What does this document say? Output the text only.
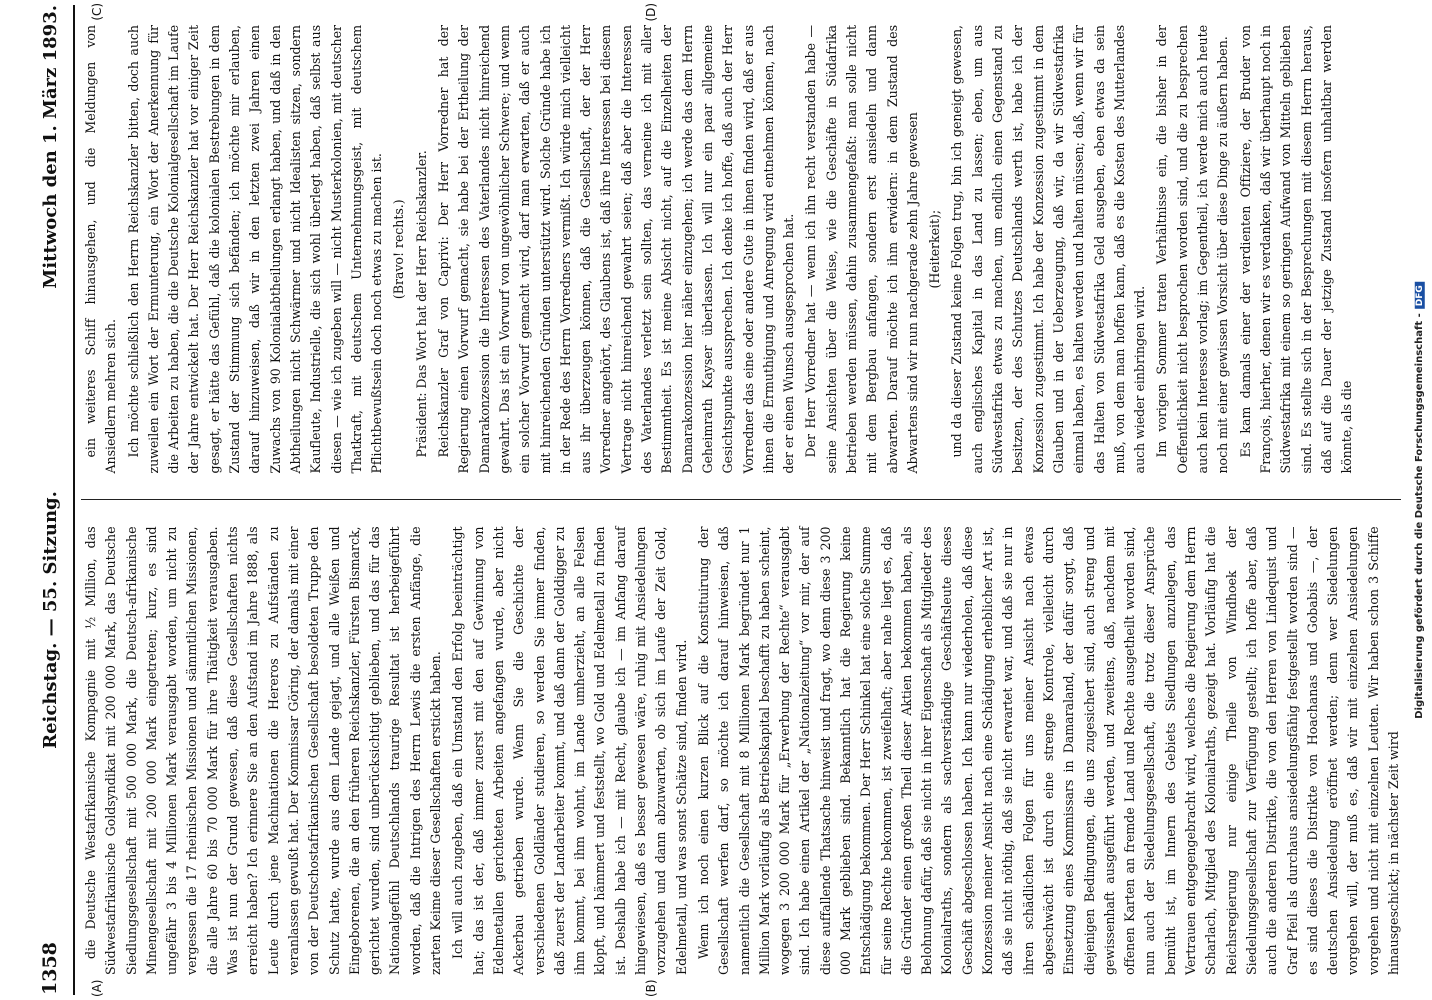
1358
Reichstag. — 55. Sitzung.
Mittwoch den 1. März 1893.
(A)	(B)

die Deutsche Westafrikanische Kompagnie mit ½ Million, das Südwestafrikanische Goldsyndikat mit 200 000 Mark, das Deutsche Siedlungsgesellschaft mit 500 000 Mark, die Deutsch-afrikanische Minengesellschaft mit 200 000 Mark eingetreten; kurz, es sind ungefähr 3 bis 4 Millionen Mark verausgabt worden, um nicht zu vergessen die 17 rheinischen Missionen und sämmtlichen Missionen, die alle Jahre 60 bis 70 000 Mark für ihre Thätigkeit verausgaben. Was ist nun der Grund gewesen, daß diese Gesellschaften nichts erreicht haben? Ich erinnere Sie an den Aufstand im Jahre 1888, als Leute durch jene Machinationen die Hereros zu Aufständen zu veranlassen gewußt hat. Der Kommissar Göring, der damals mit einer von der Deutschostafrikanischen Gesellschaft besoldeten Truppe den Schutz hatte, wurde aus dem Lande gejagt, und alle Weißen und Eingeborenen, die an den früheren Reichskanzler, Fürsten Bismarck, gerichtet wurden, sind unberücksichtigt geblieben, und das für das Nationalgefühl Deutschlands traurige Resultat ist herbeigeführt worden, daß die Intrigen des Herrn Lewis die ersten Anfänge, die zarten Keime dieser Gesellschaften erstickt haben. Ich will auch zugeben, daß ein Umstand den Erfolg beeinträchtigt hat; das ist der, daß immer zuerst mit den auf Gewinnung von Edelmetallen gerichteten Arbeiten angefangen wurde, aber nicht Ackerbau getrieben wurde. Wenn Sie die Geschichte der verschiedenen Goldländer studieren, so werden Sie immer finden, daß zuerst der Landarbeiter kommt, und daß dann der Golddigger zu ihm kommt, bei ihm wohnt, im Lande umherzieht, an alle Felsen klopft, und hämmert und feststellt, wo Gold und Edelmetall zu finden ist. Deshalb habe ich — mit Recht, glaube ich — im Anfang darauf hingewiesen, daß es besser gewesen wäre, ruhig mit Ansiedelungen vorzugehen und dann abzuwarten, ob sich im Laufe der Zeit Gold, Edelmetall, und was sonst Schätze sind, finden wird. Wenn ich noch einen kurzen Blick auf die Konstituirung der Gesellschaft werfen darf, so möchte ich darauf hinweisen, daß namentlich die Gesellschaft mit 8 Millionen Mark begründet nur 1 Million Mark vorläufig als Betriebskapital beschafft zu haben scheint, wogegen 3 200 000 Mark für „Erwerbung der Rechte“ verausgabt sind. Ich habe einen Artikel der „Nationalzeitung“ vor mir, der auf diese auffallende Thatsache hinweist und fragt, wo denn diese 3 200 000 Mark geblieben sind. Bekanntlich hat die Regierung keine Entschädigung bekommen. Der Herr Schinkel hat eine solche Summe für seine Rechte bekommen, ist zweifelhaft; aber nahe liegt es, daß die Gründer einen großen Theil dieser Aktien bekommen haben, als Belohnung dafür, daß sie nicht in ihrer Eigenschaft als Mitglieder des Kolonialraths, sondern als sachverständige Geschäftsleute dieses Geschäft abgeschlossen haben. Ich kann nur wiederholen, daß diese Konzession meiner Ansicht nach eine Schädigung erheblicher Art ist, daß sie nicht nöthig, daß sie nicht erwartet war, und daß sie nur in ihren schädlichen Folgen für uns meiner Ansicht nach etwas abgeschwächt ist durch eine strenge Kontrole, vielleicht durch Einsetzung eines Kommissars in Damaraland, der dafür sorgt, daß diejenigen Bedingungen, die uns zugesichert sind, auch streng und gewissenhaft ausgeführt werden, und zweitens, daß, nachdem mit offenen Karten an fremde Land und Rechte ausgetheilt worden sind, nun auch der Siedelungsgesellschaft, die trotz dieser Ansprüche bemüht ist, im Innern des Gebiets Siedlungen anzulegen, das Vertrauen entgegengebracht wird, welches die Regierung dem Herrn Scharlach, Mitglied des Kolonialraths, gezeigt hat. Vorläufig hat die Reichsregierung nur einige Theile von Windhoek der Siedelungsgesellschaft zur Verfügung gestellt; ich hoffe aber, daß auch die anderen Distrikte, die von den Herren von Lindequist und Graf Pfeil als durchaus ansiedelungsfähig festgestellt worden sind — es sind dieses die Distrikte von Hoachanas und Gobabis —, der deutschen Ansiedelung eröffnet werden; denn wer Siedelungen vorgehen will, der muß es, daß wir mit einzelnen Ansiedelungen vorgehen und nicht mit einzelnen Leuten. Wir haben schon 3 Schiffe hinausgeschickt; in nächster Zeit wird

(C)	(D)

ein weiteres Schiff hinausgehen, und die Meldungen von Ansiedlern mehren sich. Ich möchte schließlich den Herrn Reichskanzler bitten, doch auch zuweilen ein Wort der Ermunterung, ein Wort der Anerkennung für die Arbeiten zu haben, die die Deutsche Kolonialgesellschaft im Laufe der Jahre entwickelt hat. Der Herr Reichskanzler hat vor einiger Zeit gesagt, er hätte das Gefühl, daß die kolonialen Bestrebungen in dem Zustand der Stimmung sich befänden; ich möchte mir erlauben, darauf hinzuweisen, daß wir in den letzten zwei Jahren einen Zuwachs von 90 Kolonialabtheilungen erlangt haben, und daß in den Abtheilungen nicht Schwärmer und nicht Idealisten sitzen, sondern Kaufleute, Industrielle, die sich wohl überlegt haben, daß selbst aus diesen — wie ich zugeben will — nicht Musterkolonien, mit deutscher Thatkraft, mit deutschem Unternehmungsgeist, mit deutschem Pflichtbewußtsein doch noch etwas zu machen ist. (Bravo! rechts.) Präsident: Das Wort hat der Herr Reichskanzler. Reichskanzler Graf von Caprivi: Der Herr Vorredner hat der Regierung einen Vorwurf gemacht, sie habe bei der Ertheilung der Damarakonzession die Interessen des Vaterlandes nicht hinreichend gewahrt. Das ist ein Vorwurf von ungewöhnlicher Schwere; und wenn ein solcher Vorwurf gemacht wird, darf man erwarten, daß er auch mit hinreichenden Gründen unterstützt wird. Solche Gründe habe ich in der Rede des Herrn Vorredners vermißt. Ich würde mich vielleicht aus ihr überzeugen können, daß die Gesellschaft, der der Herr Vorredner angehört, des Glaubens ist, daß ihre Interessen bei diesem Vertrage nicht hinreichend gewahrt seien; daß aber die Interessen des Vaterlandes verletzt sein sollten, das verneine ich mit aller Bestimmtheit. Es ist meine Absicht nicht, auf die Einzelheiten der Damarakonzession hier näher einzugehen; ich werde das dem Herrn Geheimrath Kayser überlassen. Ich will nur ein paar allgemeine Gesichtspunkte aussprechen. Ich denke ich hoffe, daß auch der Herr Vorredner das eine oder andere Gute in ihnen finden wird, daß er aus ihnen die Ermuthigung und Anregung wird entnehmen können, nach der er einen Wunsch ausgesprochen hat. Der Herr Vorredner hat — wenn ich ihn recht verstanden habe — seine Ansichten über die Weise, wie die Geschäfte in Südafrika betrieben werden müssen, dahin zusammengefaßt: man solle nicht mit dem Bergbau anfangen, sondern erst ansiedeln und dann abwarten. Darauf möchte ich ihm erwidern: in dem Zustand des Abwartens sind wir nun nachgerade zehn Jahre gewesen (Heiterkeit); und da dieser Zustand keine Folgen trug, bin ich geneigt gewesen, auch englisches Kapital in das Land zu lassen; eben, um aus Südwestafrika etwas zu machen, um endlich einen Gegenstand zu besitzen, der des Schutzes Deutschlands werth ist, habe ich der Konzession zugestimmt. Ich habe der Konzession zugestimmt in dem Glauben und in der Ueberzeugung, daß wir, da wir Südwestafrika einmal haben, es halten werden und halten müssen; daß, wenn wir für das Halten von Südwestafrika Geld ausgeben, eben etwas da sein muß, von dem man hoffen kann, daß es die Kosten des Mutterlandes auch wieder einbringen wird. Im vorigen Sommer traten Verhältnisse ein, die bisher in der Oeffentlichkeit nicht besprochen worden sind, und die zu besprechen auch kein Interesse vorlag; im Gegentheil, ich werde mich auch heute noch mit einer gewissen Vorsicht über diese Dinge zu äußern haben. Es kam damals einer der verdienten Offiziere, der Bruder von François, hierher, denen wir es verdanken, daß wir überhaupt noch in Südwestafrika mit einem so geringen Aufwand von Mitteln geblieben sind. Es stellte sich in der Besprechungen mit diesem Herrn heraus, daß auf die Dauer der jetzige Zustand insofern unhaltbar werden könnte, als die	Digitalisierung gefördert durch die Deutsche Forschungsgemeinschaft -DFG
